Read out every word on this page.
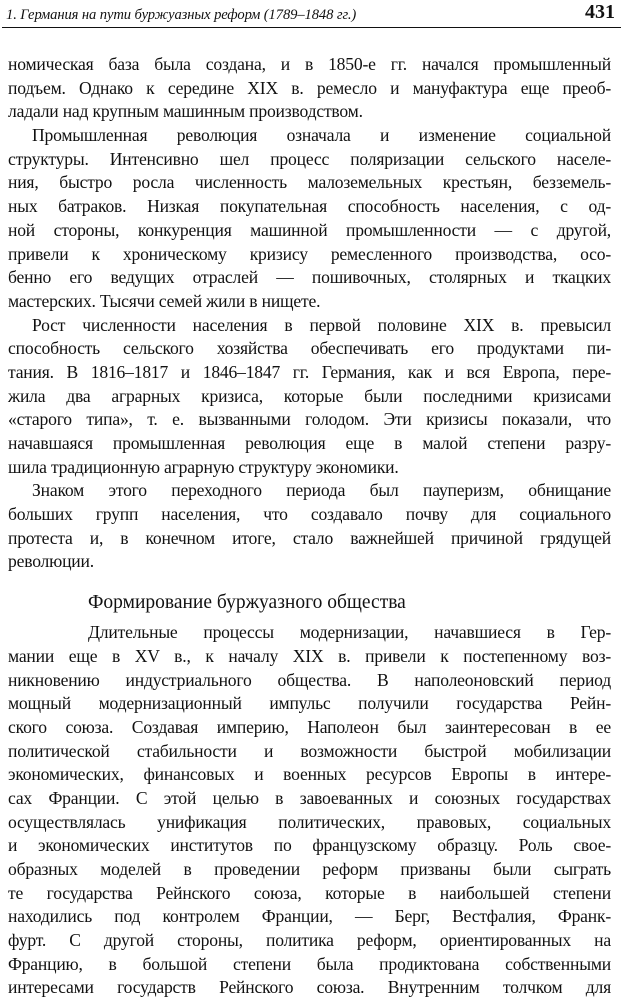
1. Германия на пути буржуазных реформ (1789–1848 гг.)	431
номическая база была создана, и в 1850-е гг. начался промышленный
подъем. Однако к середине XIX в. ремесло и мануфактура еще преоб-
ладали над крупным машинным производством.
Промышленная революция означала и изменение социальной
структуры. Интенсивно шел процесс поляризации сельского населе-
ния, быстро росла численность малоземельных крестьян, безземель-
ных батраков. Низкая покупательная способность населения, с од-
ной стороны, конкуренция машинной промышленности — с другой,
привели к хроническому кризису ремесленного производства, осо-
бенно его ведущих отраслей — пошивочных, столярных и ткацких
мастерских. Тысячи семей жили в нищете.
Рост численности населения в первой половине XIX в. превысил
способность сельского хозяйства обеспечивать его продуктами пи-
тания. В 1816–1817 и 1846–1847 гг. Германия, как и вся Европа, пере-
жила два аграрных кризиса, которые были последними кризисами
«старого типа», т. е. вызванными голодом. Эти кризисы показали, что
начавшаяся промышленная революция еще в малой степени разру-
шила традиционную аграрную структуру экономики.
Знаком этого переходного периода был пауперизм, обнищание
больших групп населения, что создавало почву для социального
протеста и, в конечном итоге, стало важнейшей причиной грядущей
революции.
Формирование буржуазного общества
Длительные процессы модернизации, начавшиеся в Гер-
мании еще в XV в., к началу XIX в. привели к постепенному воз-
никновению индустриального общества. В наполеоновский период
мощный модернизационный импульс получили государства Рейн-
ского союза. Создавая империю, Наполеон был заинтересован в ее
политической стабильности и возможности быстрой мобилизации
экономических, финансовых и военных ресурсов Европы в интере-
сах Франции. С этой целью в завоеванных и союзных государствах
осуществлялась унификация политических, правовых, социальных
и экономических институтов по французскому образцу. Роль свое-
образных моделей в проведении реформ призваны были сыграть
те государства Рейнского союза, которые в наибольшей степени
находились под контролем Франции, — Берг, Вестфалия, Франк-
фурт. С другой стороны, политика реформ, ориентированных на
Францию, в большой степени была продиктована собственными
интересами государств Рейнского союза. Внутренним толчком для
